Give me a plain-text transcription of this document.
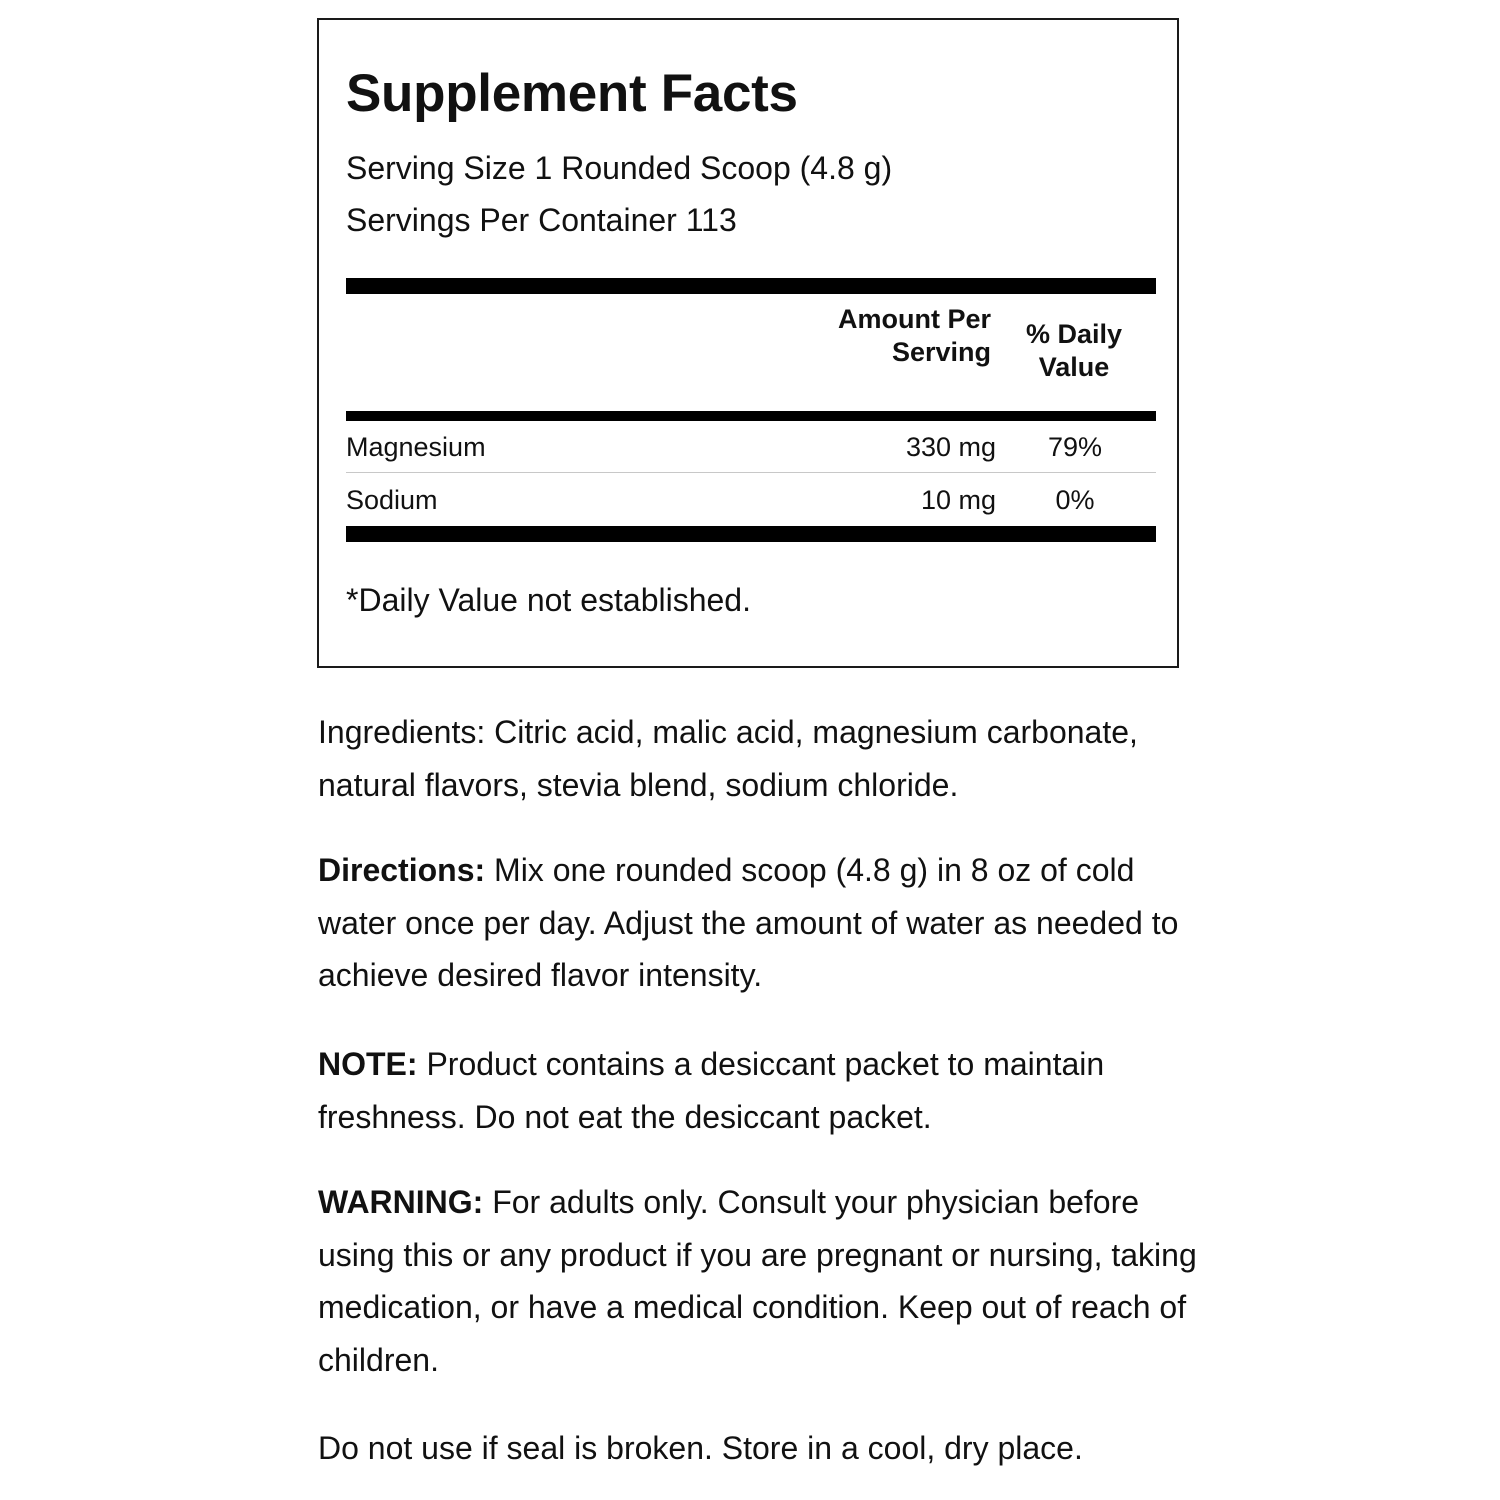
Supplement Facts
Serving Size 1 Rounded Scoop (4.8 g)
Servings Per Container 113
Amount Per Serving
% Daily Value
Magnesium	330 mg	79%
Sodium	10 mg	0%
*Daily Value not established.

Ingredients: Citric acid, malic acid, magnesium carbonate, natural flavors, stevia blend, sodium chloride.

Directions: Mix one rounded scoop (4.8 g) in 8 oz of cold water once per day. Adjust the amount of water as needed to achieve desired flavor intensity.

NOTE: Product contains a desiccant packet to maintain freshness. Do not eat the desiccant packet.

WARNING: For adults only. Consult your physician before using this or any product if you are pregnant or nursing, taking medication, or have a medical condition. Keep out of reach of children.

Do not use if seal is broken. Store in a cool, dry place.
